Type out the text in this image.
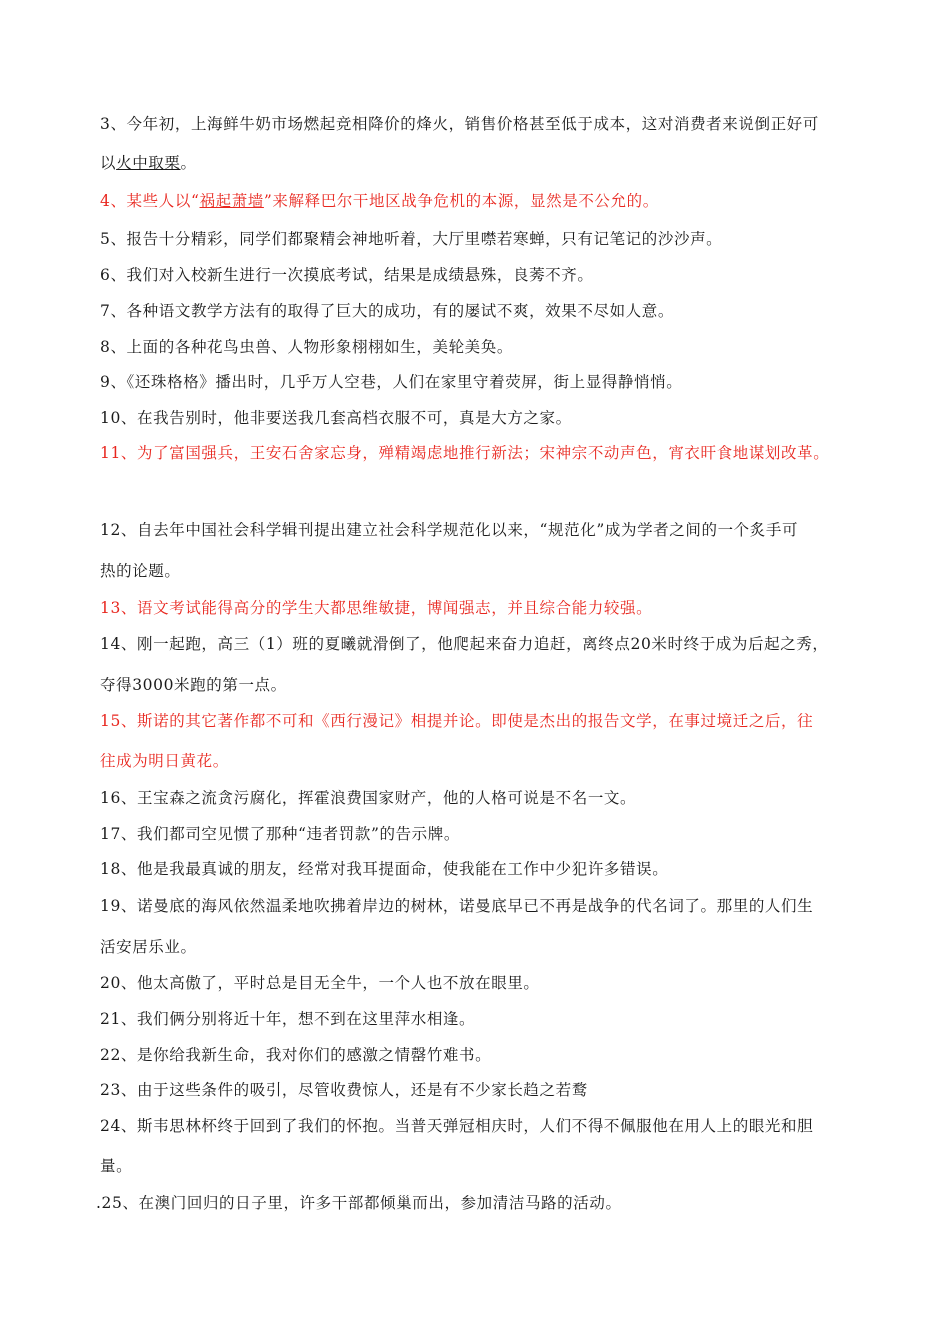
3、今年初，上海鲜牛奶市场燃起竞相降价的烽火，销售价格甚至低于成本，这对消费者来说倒正好可
以火中取栗。
4、某些人以“祸起萧墙”来解释巴尔干地区战争危机的本源，显然是不公允的。
5、报告十分精彩，同学们都聚精会神地听着，大厅里噤若寒蝉，只有记笔记的沙沙声。
6、我们对入校新生进行一次摸底考试，结果是成绩悬殊，良莠不齐。
7、各种语文教学方法有的取得了巨大的成功，有的屡试不爽，效果不尽如人意。
8、上面的各种花鸟虫兽、人物形象栩栩如生，美轮美奂。
9、《还珠格格》播出时，几乎万人空巷，人们在家里守着荧屏，街上显得静悄悄。
10、在我告别时，他非要送我几套高档衣服不可，真是大方之家。
11、为了富国强兵，王安石舍家忘身，殚精竭虑地推行新法；宋神宗不动声色，宵衣旰食地谋划改革。
12、自去年中国社会科学辑刊提出建立社会科学规范化以来，“规范化”成为学者之间的一个炙手可
热的论题。
13、语文考试能得高分的学生大都思维敏捷，博闻强志，并且综合能力较强。
14、刚一起跑，高三（1）班的夏曦就滑倒了，他爬起来奋力追赶，离终点20米时终于成为后起之秀，
夺得3000米跑的第一点。
15、斯诺的其它著作都不可和《西行漫记》相提并论。即使是杰出的报告文学，在事过境迁之后，往
往成为明日黄花。
16、王宝森之流贪污腐化，挥霍浪费国家财产，他的人格可说是不名一文。
17、我们都司空见惯了那种“违者罚款”的告示牌。
18、他是我最真诚的朋友，经常对我耳提面命，使我能在工作中少犯许多错误。
19、诺曼底的海风依然温柔地吹拂着岸边的树林，诺曼底早已不再是战争的代名词了。那里的人们生
活安居乐业。
20、他太高傲了，平时总是目无全牛，一个人也不放在眼里。
21、我们俩分别将近十年，想不到在这里萍水相逢。
22、是你给我新生命，我对你们的感激之情罄竹难书。
23、由于这些条件的吸引，尽管收费惊人，还是有不少家长趋之若鹜
24、斯韦思林杯终于回到了我们的怀抱。当普天弹冠相庆时，人们不得不佩服他在用人上的眼光和胆
量。
.25、在澳门回归的日子里，许多干部都倾巢而出，参加清洁马路的活动。
